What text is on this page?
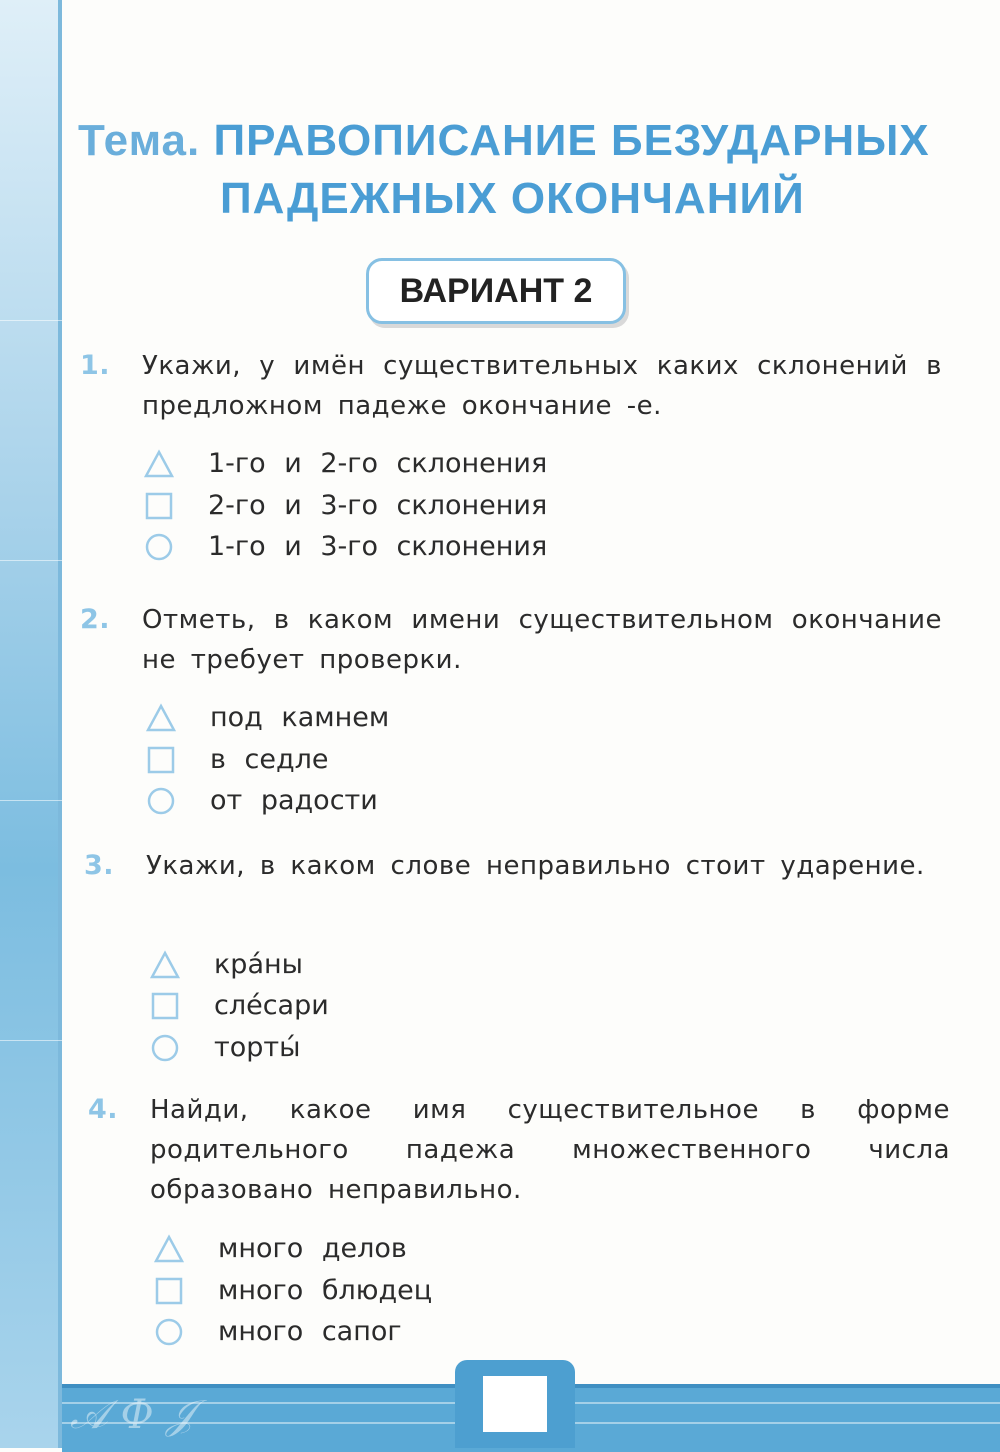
𝒜 Ф 𝒥
Тема. ПРАВОПИСАНИЕ БЕЗУДАРНЫХ
ПАДЕЖНЫХ ОКОНЧАНИЙ
ВАРИАНТ 2
1. Укажи, у имён существительных каких склонений в предложном падеже окончание -е.
1-го и 2-го склонения
2-го и 3-го склонения
1-го и 3-го склонения
2. Отметь, в каком имени существительном окончание не требует проверки.
под камнем
в седле
от радости
3. Укажи, в каком слове неправильно стоит ударение.
кра́ны
сле́сари
торты́
4. Найди, какое имя существительное в форме родительного падежа множественного числа образовано неправильно.
много делов
много блюдец
много сапог
